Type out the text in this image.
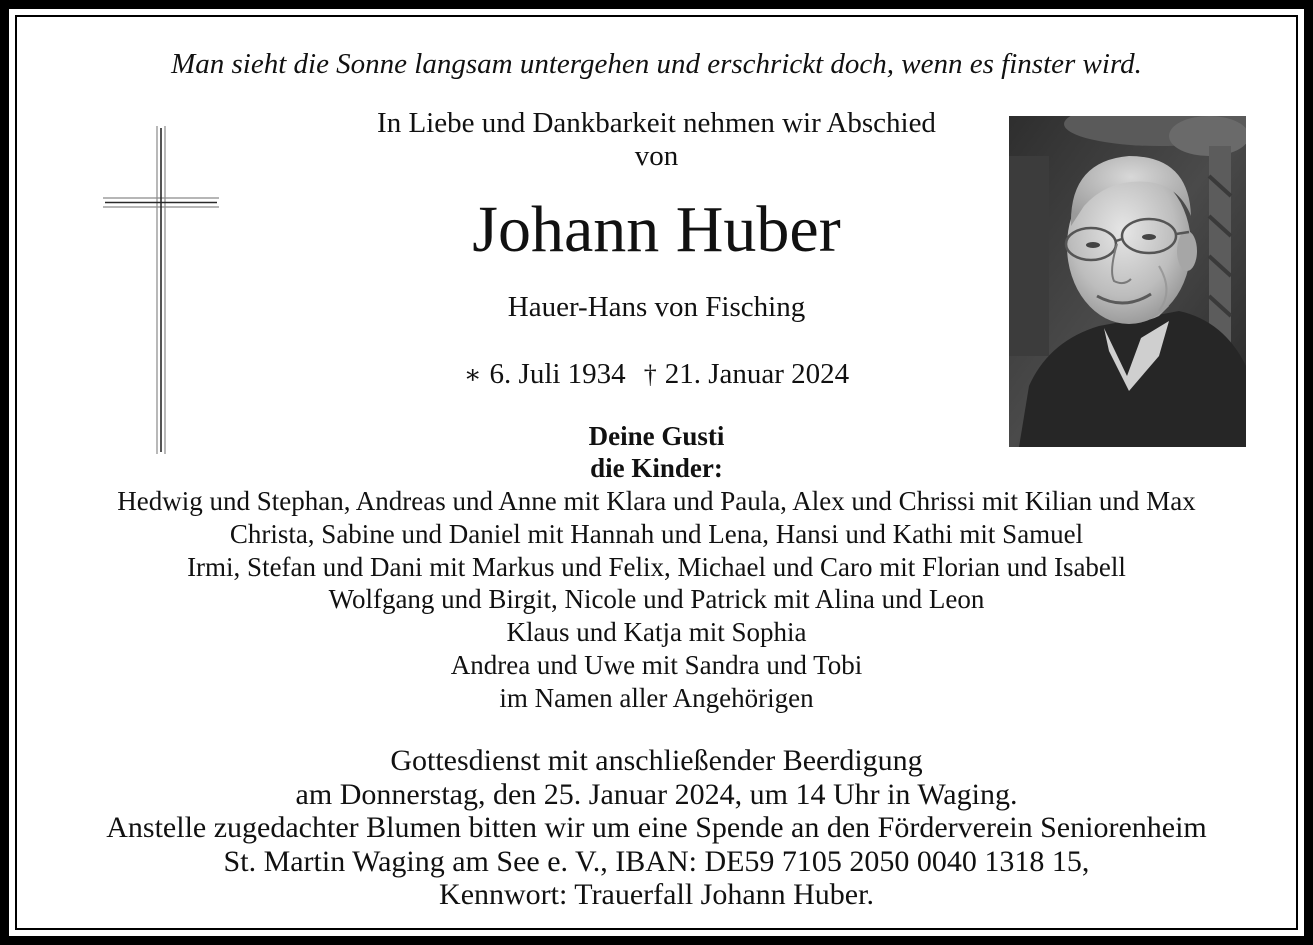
Man sieht die Sonne langsam untergehen und erschrickt doch, wenn es finster wird.
In Liebe und Dankbarkeit nehmen wir Abschied
von
Johann Huber
Hauer-Hans von Fisching
∗ 6. Juli 1934 † 21. Januar 2024
Deine Gusti
die Kinder:
Hedwig und Stephan, Andreas und Anne mit Klara und Paula, Alex und Chrissi mit Kilian und Max
Christa, Sabine und Daniel mit Hannah und Lena, Hansi und Kathi mit Samuel
Irmi, Stefan und Dani mit Markus und Felix, Michael und Caro mit Florian und Isabell
Wolfgang und Birgit, Nicole und Patrick mit Alina und Leon
Klaus und Katja mit Sophia
Andrea und Uwe mit Sandra und Tobi
im Namen aller Angehörigen
Gottesdienst mit anschließender Beerdigung
am Donnerstag, den 25. Januar 2024, um 14 Uhr in Waging.
Anstelle zugedachter Blumen bitten wir um eine Spende an den Förderverein Seniorenheim
St. Martin Waging am See e. V., IBAN: DE59 7105 2050 0040 1318 15,
Kennwort: Trauerfall Johann Huber.
